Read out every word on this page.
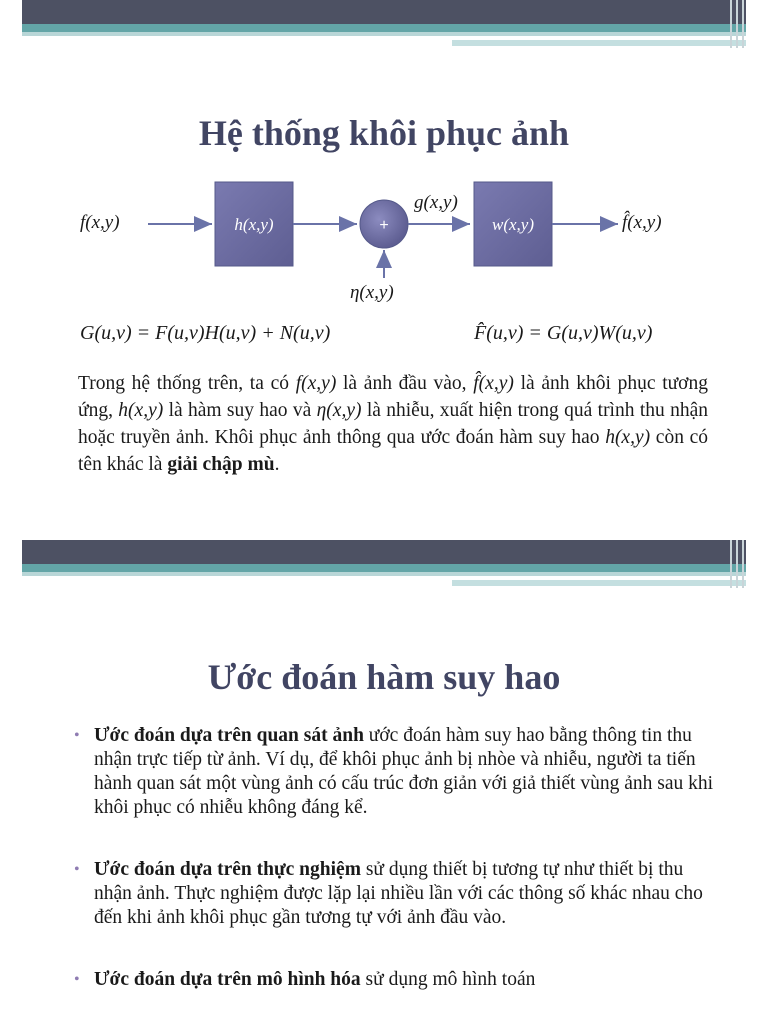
Hệ thống khôi phục ảnh
f(x,y)	h(x,y)	+
g(x,y)
w(x,y)	f̂(x,y)
η(x,y)
G(u,v) = F(u,v)H(u,v) + N(u,v)	F̂(u,v) = G(u,v)W(u,v)
Trong hệ thống trên, ta có f(x,y) là ảnh đầu vào, f̂(x,y) là ảnh khôi phục tương ứng, h(x,y) là hàm suy hao và η(x,y) là nhiễu, xuất hiện trong quá trình thu nhận hoặc truyền ảnh. Khôi phục ảnh thông qua ước đoán hàm suy hao h(x,y) còn có tên khác là giải chập mù.
Ước đoán hàm suy hao
• Ước đoán dựa trên quan sát ảnh ước đoán hàm suy hao bằng thông tin thu nhận trực tiếp từ ảnh. Ví dụ, để khôi phục ảnh bị nhòe và nhiễu, người ta tiến hành quan sát một vùng ảnh có cấu trúc đơn giản với giả thiết vùng ảnh sau khi khôi phục có nhiễu không đáng kể.
• Ước đoán dựa trên thực nghiệm sử dụng thiết bị tương tự như thiết bị thu nhận ảnh. Thực nghiệm được lặp lại nhiều lần với các thông số khác nhau cho đến khi ảnh khôi phục gần tương tự với ảnh đầu vào.
• Ước đoán dựa trên mô hình hóa sử dụng mô hình toán
